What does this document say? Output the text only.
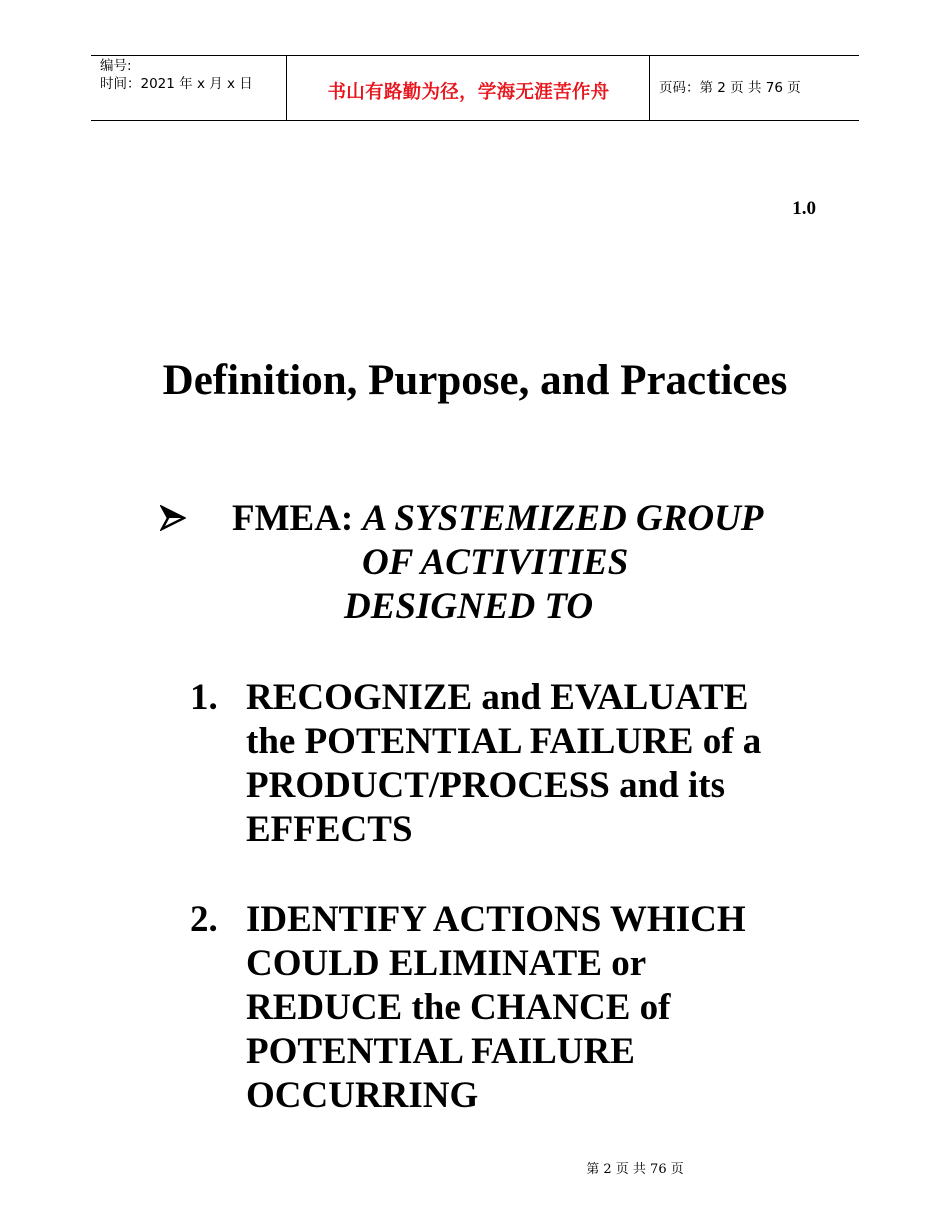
编号:
时间：2021 年 x 月 x 日	书山有路勤为径，学海无涯苦作舟	页码：第 2 页 共 76 页
1.0
Definition, Purpose, and Practices
FMEA: A SYSTEMIZED GROUP
OF ACTIVITIES
DESIGNED TO
1. RECOGNIZE and EVALUATE
the POTENTIAL FAILURE of a
PRODUCT/PROCESS and its
EFFECTS
2. IDENTIFY ACTIONS WHICH
COULD ELIMINATE or
REDUCE the CHANCE of
POTENTIAL FAILURE
OCCURRING
第 2 页 共 76 页
